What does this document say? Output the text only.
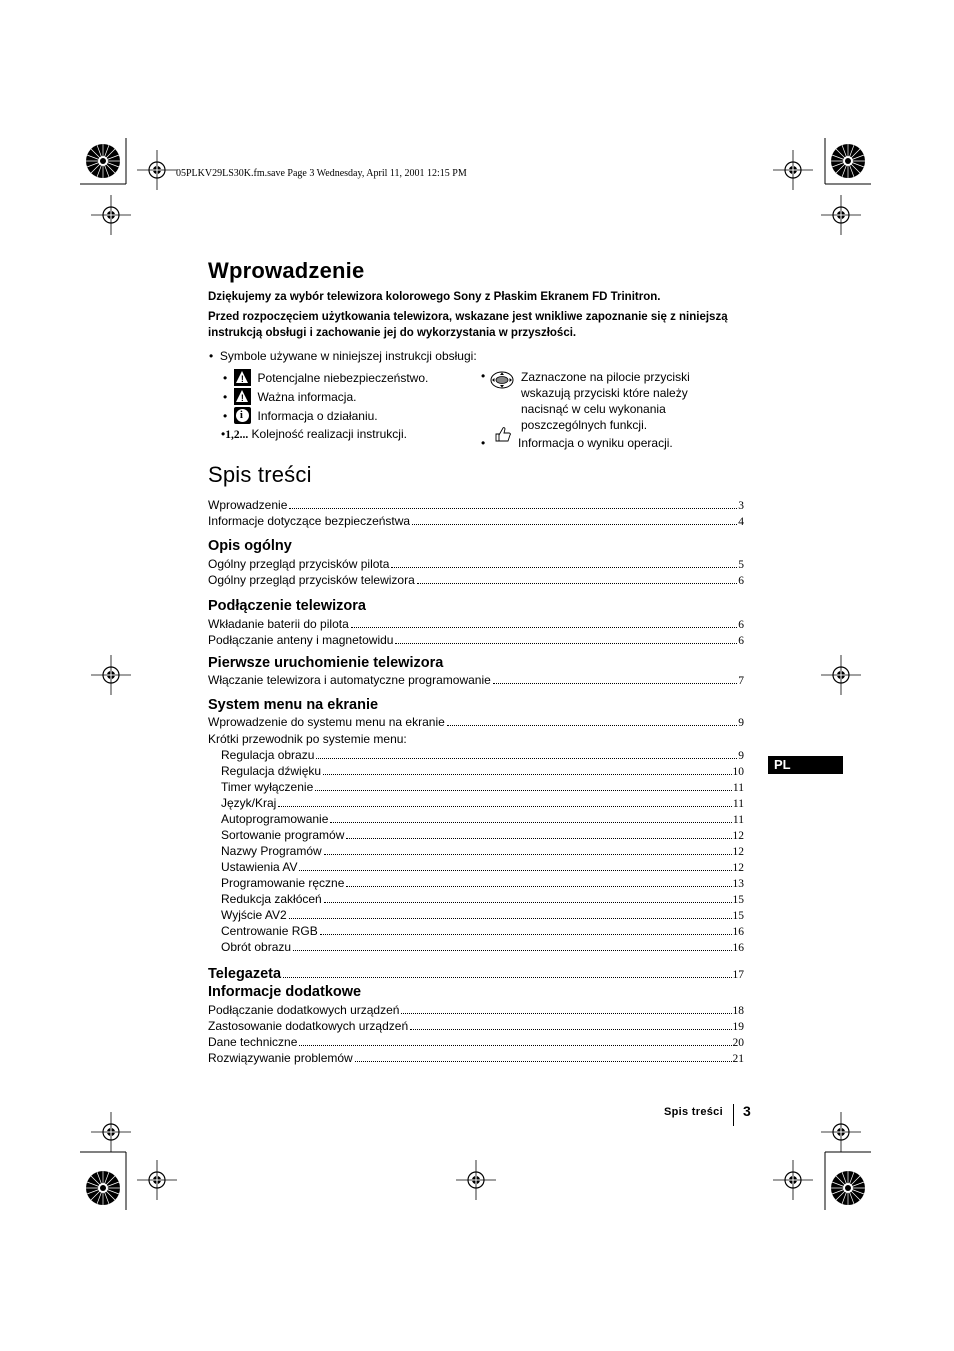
05PLKV29LS30K.fm.save Page 3 Wednesday, April 11, 2001 12:15 PM
Wprowadzenie
Dziękujemy za wybór telewizora kolorowego Sony z Płaskim Ekranem FD Trinitron.
Przed rozpoczęciem użytkowania telewizora, wskazane jest wnikliwe zapoznanie się z niniejszą instrukcją obsługi i zachowanie jej do wykorzystania w przyszłości.
•  Symbole używane w niniejszej instrukcji obsługi:
•  !  Potencjalne niebezpieczeństwo.
•  !  Ważna informacja.
•  i  Informacja o działaniu.
•1,2... Kolejność realizacji instrukcji.
•	Zaznaczone na pilocie przyciski wskazują przyciski które należy nacisnąć w celu wykonania poszczególnych funkcji.
•	Informacja o wyniku operacji.
Spis treści
Wprowadzenie	3
Informacje dotyczące bezpieczeństwa	4
Opis ogólny
Ogólny przegląd przycisków pilota	5
Ogólny przegląd przycisków telewizora	6
Podłączenie telewizora
Wkładanie baterii do pilota	6
Podłączanie anteny i magnetowidu	6
Pierwsze uruchomienie telewizora
Włączanie telewizora i automatyczne programowanie	7
System menu na ekranie
Wprowadzenie do systemu menu na ekranie	9
Krótki przewodnik po systemie menu:
Regulacja obrazu	9
Regulacja dźwięku	10
Timer wyłączenie	11
Język/Kraj	11
Autoprogramowanie	11
Sortowanie programów	12
Nazwy Programów	12
Ustawienia AV	12
Programowanie ręczne	13
Redukcja zakłóceń	15
Wyjście AV2	15
Centrowanie RGB	16
Obrót obrazu	16
Telegazeta	17
Informacje dodatkowe
Podłączanie dodatkowych urządzeń	18
Zastosowanie dodatkowych urządzeń	19
Dane techniczne	20
Rozwiązywanie problemów	21
PL
Spis treści 3
